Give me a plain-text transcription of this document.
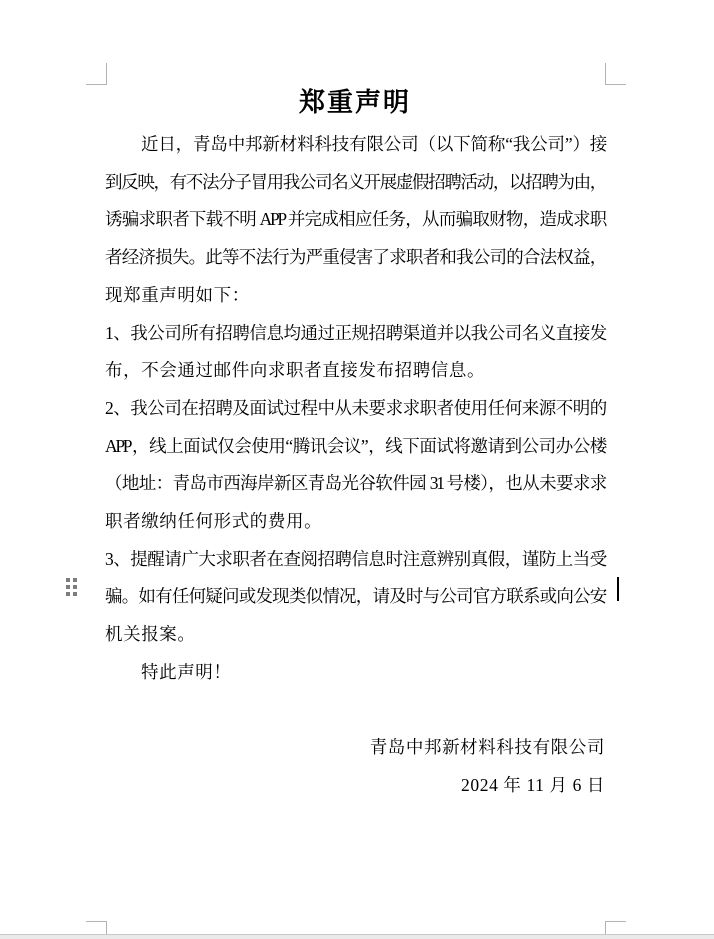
郑重声明
近日，青岛中邦新材料科技有限公司（以下简称“我公司”）接
到反映，有不法分子冒用我公司名义开展虚假招聘活动，以招聘为由，
诱骗求职者下载不明 APP 并完成相应任务，从而骗取财物，造成求职
者经济损失。此等不法行为严重侵害了求职者和我公司的合法权益，
现郑重声明如下：
1、我公司所有招聘信息均通过正规招聘渠道并以我公司名义直接发
布，不会通过邮件向求职者直接发布招聘信息。
2、我公司在招聘及面试过程中从未要求求职者使用任何来源不明的
APP，线上面试仅会使用“腾讯会议”，线下面试将邀请到公司办公楼
（地址：青岛市西海岸新区青岛光谷软件园 31 号楼），也从未要求求
职者缴纳任何形式的费用。
3、提醒请广大求职者在查阅招聘信息时注意辨别真假，谨防上当受
骗。如有任何疑问或发现类似情况，请及时与公司官方联系或向公安
机关报案。
特此声明！

青岛中邦新材料科技有限公司
2024 年 11 月 6 日
